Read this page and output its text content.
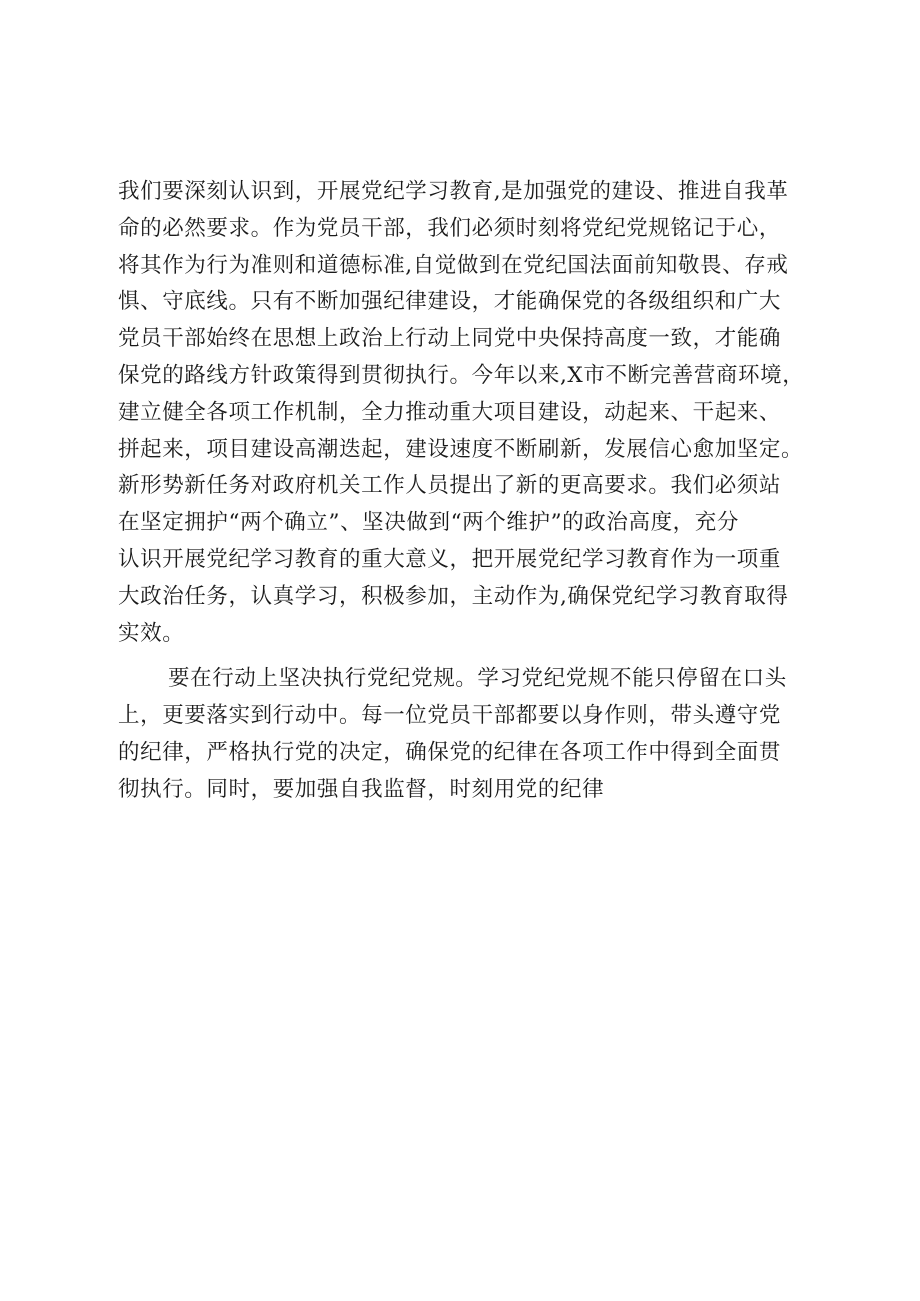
我们要深刻认识到，开展党纪学习教育,是加强党的建设、推进自我革
命的必然要求。作为党员干部，我们必须时刻将党纪党规铭记于心，
将其作为行为准则和道德标准,自觉做到在党纪国法面前知敬畏、存戒
惧、守底线。只有不断加强纪律建设，才能确保党的各级组织和广大
党员干部始终在思想上政治上行动上同党中央保持高度一致，才能确
保党的路线方针政策得到贯彻执行。今年以来,X市不断完善营商环境，
建立健全各项工作机制，全力推动重大项目建设，动起来、干起来、
拼起来，项目建设高潮迭起，建设速度不断刷新，发展信心愈加坚定。
新形势新任务对政府机关工作人员提出了新的更高要求。我们必须站
在坚定拥护“两个确立”、坚决做到“两个维护”的政治高度，充分
认识开展党纪学习教育的重大意义，把开展党纪学习教育作为一项重
大政治任务，认真学习，积极参加，主动作为,确保党纪学习教育取得
实效。
要在行动上坚决执行党纪党规。学习党纪党规不能只停留在口头
上，更要落实到行动中。每一位党员干部都要以身作则，带头遵守党
的纪律，严格执行党的决定，确保党的纪律在各项工作中得到全面贯
彻执行。同时，要加强自我监督，时刻用党的纪律
